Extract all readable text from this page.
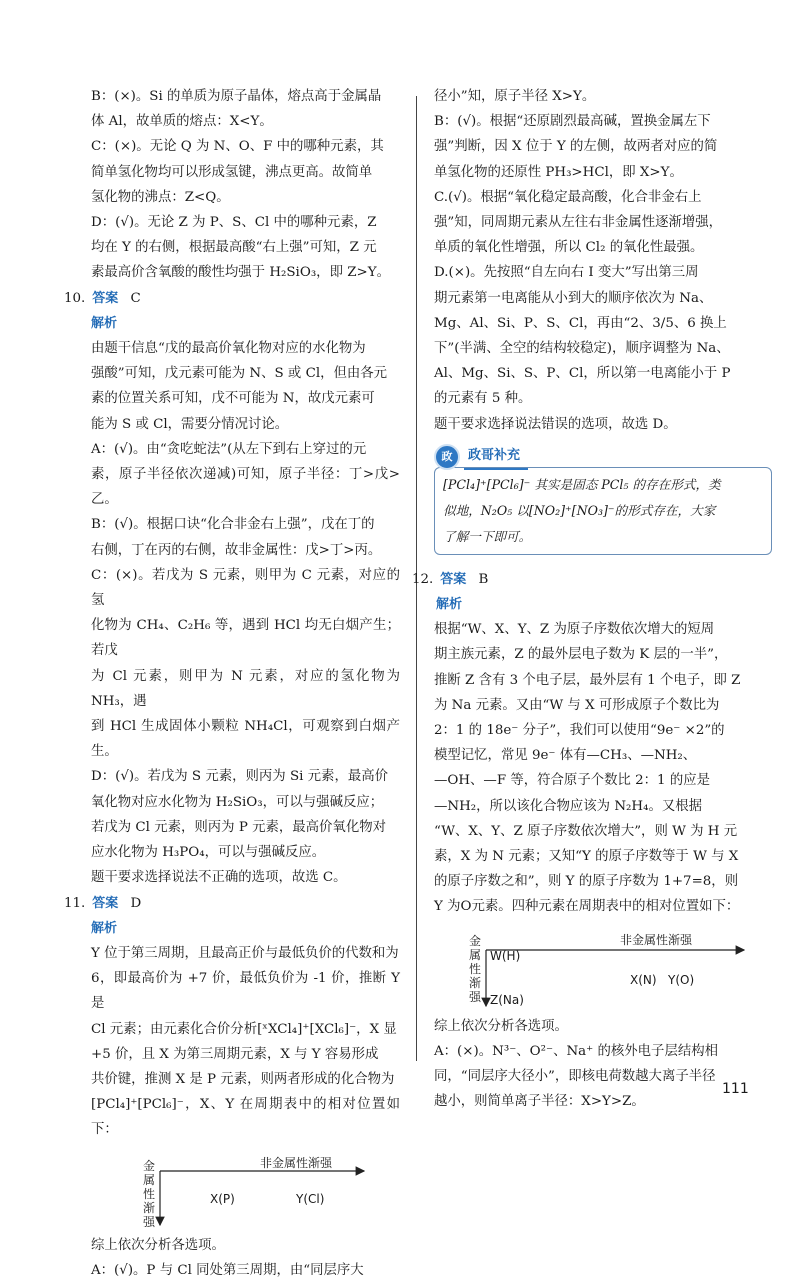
B：(×)。Si 的单质为原子晶体，熔点高于金属晶

体 Al，故单质的熔点：X<Y。

C：(×)。无论 Q 为 N、O、F 中的哪种元素，其

简单氢化物均可以形成氢键，沸点更高。故简单

氢化物的沸点：Z<Q。

D：(√)。无论 Z 为 P、S、Cl 中的哪种元素，Z

均在 Y 的右侧，根据最高酸“右上强”可知，Z 元

素最高价含氧酸的酸性均强于 H₂SiO₃，即 Z>Y。

10. 答案 C

解析

由题干信息“戊的最高价氧化物对应的水化物为

强酸”可知，戊元素可能为 N、S 或 Cl，但由各元

素的位置关系可知，戊不可能为 N，故戊元素可

能为 S 或 Cl，需要分情况讨论。

A：(√)。由“贪吃蛇法”(从左下到右上穿过的元

素，原子半径依次递减)可知，原子半径：丁>戊>乙。

B：(√)。根据口诀“化合非金右上强”，戊在丁的

右侧，丁在丙的右侧，故非金属性：戊>丁>丙。

C：(×)。若戊为 S 元素，则甲为 C 元素，对应的氢

化物为 CH₄、C₂H₆ 等，遇到 HCl 均无白烟产生；若戊

为 Cl 元素，则甲为 N 元素，对应的氢化物为 NH₃，遇

到 HCl 生成固体小颗粒 NH₄Cl，可观察到白烟产生。

D：(√)。若戊为 S 元素，则丙为 Si 元素，最高价

氧化物对应水化物为 H₂SiO₃，可以与强碱反应；

若戊为 Cl 元素，则丙为 P 元素，最高价氧化物对

应水化物为 H₃PO₄，可以与强碱反应。

题干要求选择说法不正确的选项，故选 C。

11. 答案 D

解析

Y 位于第三周期，且最高正价与最低负价的代数和为

6，即最高价为 +7 价，最低负价为 -1 价，推断 Y 是

Cl 元素；由元素化合价分析[ˣXCl₄]⁺[XCl₆]⁻，X 显

+5 价，且 X 为第三周期元素，X 与 Y 容易形成

共价键，推测 X 是 P 元素，则两者形成的化合物为

[PCl₄]⁺[PCl₆]⁻，X、Y 在周期表中的相对位置如下：

非金属性渐强
金
属
性
渐
强
X(P)	Y(Cl)

综上依次分析各选项。

A：(√)。P 与 Cl 同处第三周期，由“同层序大

径小”知，原子半径 X>Y。

B：(√)。根据“还原剧烈最高碱，置换金属左下

强”判断，因 X 位于 Y 的左侧，故两者对应的简

单氢化物的还原性 PH₃>HCl，即 X>Y。

C.(√)。根据“氧化稳定最高酸，化合非金右上

强”知，同周期元素从左往右非金属性逐渐增强，

单质的氧化性增强，所以 Cl₂ 的氧化性最强。

D.(×)。先按照“自左向右 I 变大”写出第三周

期元素第一电离能从小到大的顺序依次为 Na、

Mg、Al、Si、P、S、Cl，再由“2、3/5、6 换上

下”(半满、全空的结构较稳定)，顺序调整为 Na、

Al、Mg、Si、S、P、Cl，所以第一电离能小于 P

的元素有 5 种。

题干要求选择说法错误的选项，故选 D。

政	政哥补充
[PCl₄]⁺[PCl₆]⁻ 其实是固态 PCl₅ 的存在形式，类
似地，N₂O₅ 以[NO₂]⁺[NO₃]⁻的形式存在，大家
了解一下即可。

12. 答案 B

解析

根据“W、X、Y、Z 为原子序数依次增大的短周

期主族元素，Z 的最外层电子数为 K 层的一半”，

推断 Z 含有 3 个电子层，最外层有 1 个电子，即 Z

为 Na 元素。又由“W 与 X 可形成原子个数比为

2：1 的 18e⁻ 分子”，我们可以使用“9e⁻ ×2”的

模型记忆，常见 9e⁻ 体有—CH₃、—NH₂、

—OH、—F 等，符合原子个数比 2：1 的应是

—NH₂，所以该化合物应该为 N₂H₄。又根据

“W、X、Y、Z 原子序数依次增大”，则 W 为 H 元

素，X 为 N 元素；又知“Y 的原子序数等于 W 与 X

的原子序数之和”，则 Y 的原子序数为 1+7=8，则

Y 为O元素。四种元素在周期表中的相对位置如下：

非金属性渐强
金
属
性
渐
强
W(H)
X(N) Y(O)
Z(Na)

综上依次分析各选项。

A：(×)。N³⁻、O²⁻、Na⁺ 的核外电子层结构相

同，“同层序大径小”，即核电荷数越大离子半径

越小，则简单离子半径：X>Y>Z。

111
